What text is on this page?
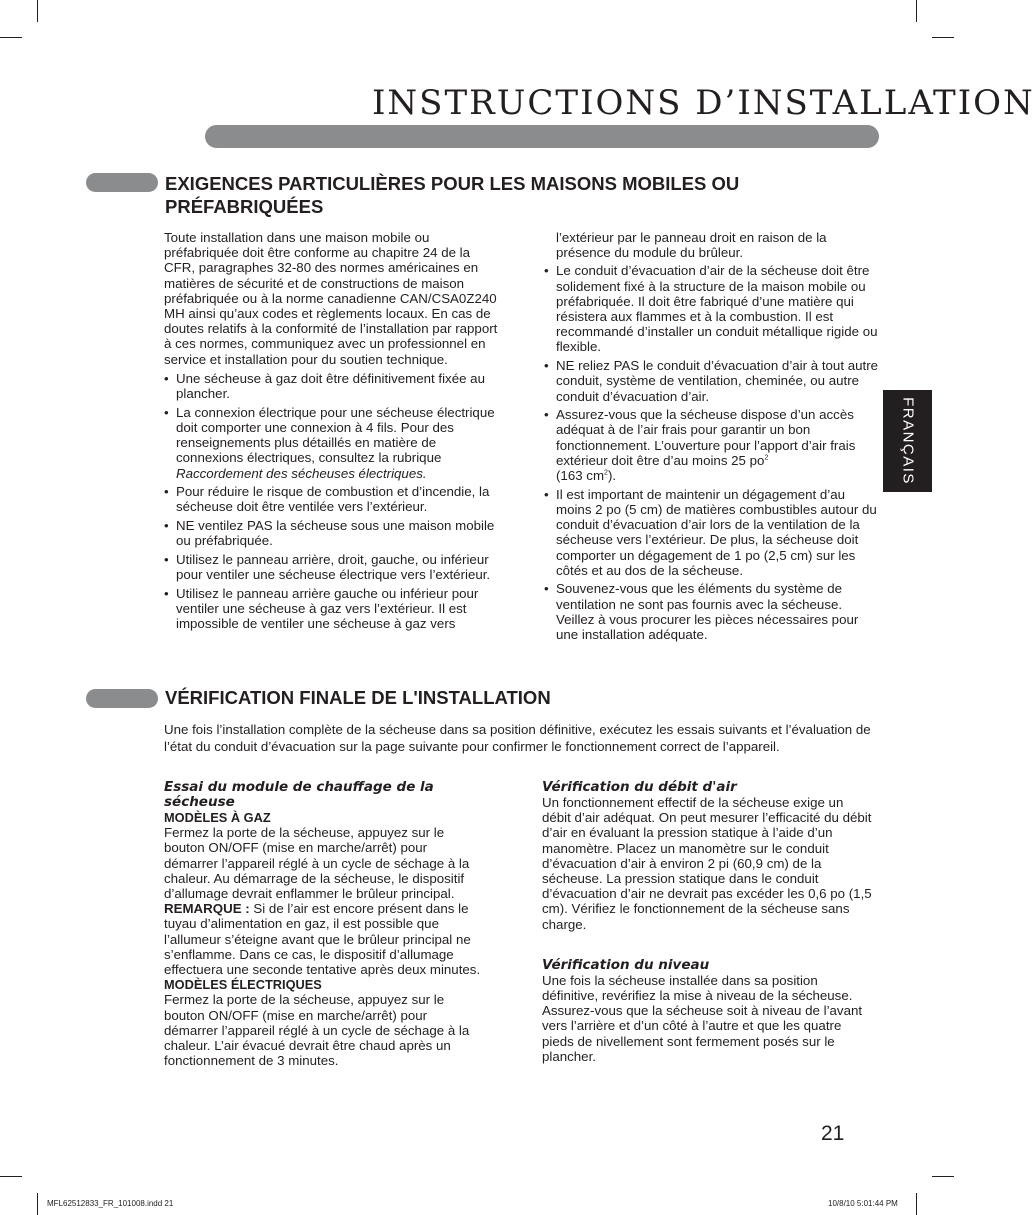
INSTRUCTIONS D’INSTALLATION
FRANÇAIS
EXIGENCES PARTICULIÈRES POUR LES MAISONS MOBILES OU PRÉFABRIQUÉES

Toute installation dans une maison mobile ou préfabriquée doit être conforme au chapitre 24 de la CFR, paragraphes 32-80 des normes américaines en matières de sécurité et de constructions de maison préfabriquée ou à la norme canadienne CAN/CSA0Z240 MH ainsi qu’aux codes et règlements locaux. En cas de doutes relatifs à la conformité de l’installation par rapport à ces normes, communiquez avec un professionnel en service et installation pour du soutien technique.

• Une sécheuse à gaz doit être définitivement fixée au plancher.
• La connexion électrique pour une sécheuse électrique doit comporter une connexion à 4 fils. Pour des renseignements plus détaillés en matière de connexions électriques, consultez la rubrique
Raccordement des sécheuses électriques.
• Pour réduire le risque de combustion et d’incendie, la sécheuse doit être ventilée vers l’extérieur.
• NE ventilez PAS la sécheuse sous une maison mobile ou préfabriquée.
• Utilisez le panneau arrière, droit, gauche, ou inférieur pour ventiler une sécheuse électrique vers l’extérieur.
• Utilisez le panneau arrière gauche ou inférieur pour ventiler une sécheuse à gaz vers l’extérieur. Il est impossible de ventiler une sécheuse à gaz vers

l’extérieur par le panneau droit en raison de la présence du module du brûleur.

• Le conduit d’évacuation d’air de la sécheuse doit être solidement fixé à la structure de la maison mobile ou préfabriquée. Il doit être fabriqué d’une matière qui résistera aux flammes et à la combustion. Il est recommandé d’installer un conduit métallique rigide ou flexible.
• NE reliez PAS le conduit d’évacuation d’air à tout autre conduit, système de ventilation, cheminée, ou autre conduit d’évacuation d’air.
• Assurez-vous que la sécheuse dispose d’un accès adéquat à de l’air frais pour garantir un bon fonctionnement. L’ouverture pour l’apport d’air frais extérieur doit être d’au moins 25 $po^2$
(163 $cm^2$).
• Il est important de maintenir un dégagement d’au moins 2 po (5 cm) de matières combustibles autour du conduit d’évacuation d’air lors de la ventilation de la sécheuse vers l’extérieur. De plus, la sécheuse doit comporter un dégagement de 1 po (2,5 cm) sur les côtés et au dos de la sécheuse.
• Souvenez-vous que les éléments du système de ventilation ne sont pas fournis avec la sécheuse. Veillez à vous procurer les pièces nécessaires pour une installation adéquate.
VÉRIFICATION FINALE DE L'INSTALLATION

Une fois l’installation complète de la sécheuse dans sa position définitive, exécutez les essais suivants et l’évaluation de l’état du conduit d’évacuation sur la page suivante pour confirmer le fonctionnement correct de l’appareil.

Essai du module de chauffage de la sécheuse

MODÈLES À GAZ

Fermez la porte de la sécheuse, appuyez sur le bouton ON/OFF (mise en marche/arrêt) pour démarrer l’appareil réglé à un cycle de séchage à la chaleur. Au démarrage de la sécheuse, le dispositif d’allumage devrait enflammer le brûleur principal.

REMARQUE : Si de l’air est encore présent dans le tuyau d’alimentation en gaz, il est possible que l’allumeur s’éteigne avant que le brûleur principal ne s’enflamme. Dans ce cas, le dispositif d’allumage effectuera une seconde tentative après deux minutes.

MODÈLES ÉLECTRIQUES

Fermez la porte de la sécheuse, appuyez sur le bouton ON/OFF (mise en marche/arrêt) pour démarrer l’appareil réglé à un cycle de séchage à la chaleur. L’air évacué devrait être chaud après un fonctionnement de 3 minutes.

Vérification du débit d'air

Un fonctionnement effectif de la sécheuse exige un débit d’air adéquat. On peut mesurer l’efficacité du débit d’air en évaluant la pression statique à l’aide d’un manomètre. Placez un manomètre sur le conduit d’évacuation d’air à environ 2 pi (60,9 cm) de la sécheuse. La pression statique dans le conduit d’évacuation d’air ne devrait pas excéder les 0,6 po (1,5 cm). Vérifiez le fonctionnement de la sécheuse sans charge.

Vérification du niveau

Une fois la sécheuse installée dans sa position définitive, revérifiez la mise à niveau de la sécheuse. Assurez-vous que la sécheuse soit à niveau de l’avant vers l’arrière et d’un côté à l’autre et que les quatre pieds de nivellement sont fermement posés sur le plancher.

21
MFL62512833_FR_101008.indd 21	10/8/10 5:01:44 PM
